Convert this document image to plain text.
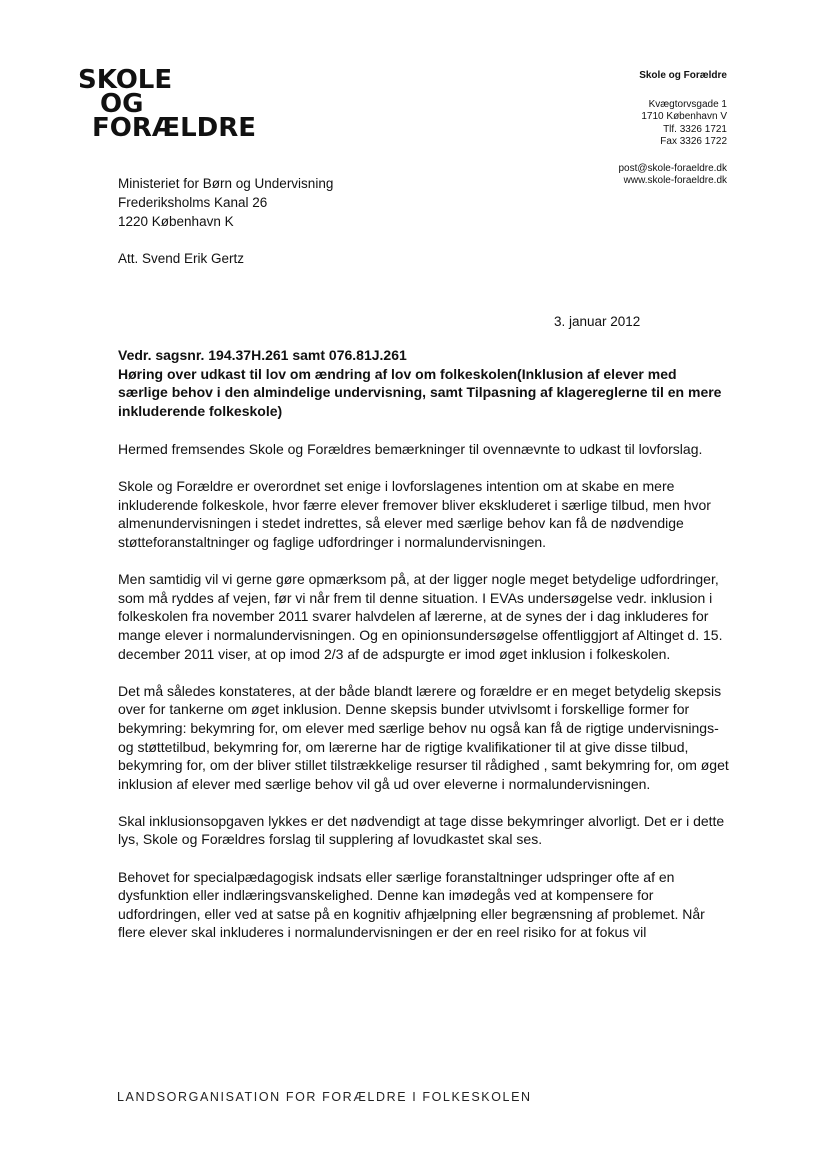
SKOLE
OG
FORÆLDRE
Skole og Forældre
Kvægtorvsgade 1
1710 København V
Tlf. 3326 1721
Fax 3326 1722
post@skole-foraeldre.dk
www.skole-foraeldre.dk
Ministeriet for Børn og Undervisning
Frederiksholms Kanal 26
1220 København K
Att. Svend Erik Gertz
3. januar 2012
Vedr. sagsnr. 194.37H.261 samt 076.81J.261
Høring over udkast til lov om ændring af lov om folkeskolen(Inklusion af elever med særlige behov i den almindelige undervisning, samt Tilpasning af klagereglerne til en mere inkluderende folkeskole)

Hermed fremsendes Skole og Forældres bemærkninger til ovennævnte to udkast til lovforslag.

Skole og Forældre er overordnet set enige i lovforslagenes intention om at skabe en mere inkluderende folkeskole, hvor færre elever fremover bliver ekskluderet i særlige tilbud, men hvor almenundervisningen i stedet indrettes, så elever med særlige behov kan få de nødvendige støtteforanstaltninger og faglige udfordringer i normalundervisningen.

Men samtidig vil vi gerne gøre opmærksom på, at der ligger nogle meget betydelige udfordringer, som må ryddes af vejen, før vi når frem til denne situation. I EVAs undersøgelse vedr. inklusion i folkeskolen fra november 2011 svarer halvdelen af lærerne, at de synes der i dag inkluderes for mange elever i normalundervisningen. Og en opinionsundersøgelse offentliggjort af Altinget d. 15. december 2011 viser, at op imod 2/3 af de adspurgte er imod øget inklusion i folkeskolen.

Det må således konstateres, at der både blandt lærere og forældre er en meget betydelig skepsis over for tankerne om øget inklusion. Denne skepsis bunder utvivlsomt i forskellige former for bekymring: bekymring for, om elever med særlige behov nu også kan få de rigtige undervisnings- og støttetilbud, bekymring for, om lærerne har de rigtige kvalifikationer til at give disse tilbud, bekymring for, om der bliver stillet tilstrækkelige resurser til rådighed , samt bekymring for, om øget inklusion af elever med særlige behov vil gå ud over eleverne i normalundervisningen.

Skal inklusionsopgaven lykkes er det nødvendigt at tage disse bekymringer alvorligt. Det er i dette lys, Skole og Forældres forslag til supplering af lovudkastet skal ses.

Behovet for specialpædagogisk indsats eller særlige foranstaltninger udspringer ofte af en dysfunktion eller indlæringsvanskelighed. Denne kan imødegås ved at kompensere for udfordringen, eller ved at satse på en kognitiv afhjælpning eller begrænsning af problemet. Når flere elever skal inkluderes i normalundervisningen er der en reel risiko for at fokus vil

LANDSORGANISATION FOR FORÆLDRE I FOLKESKOLEN
